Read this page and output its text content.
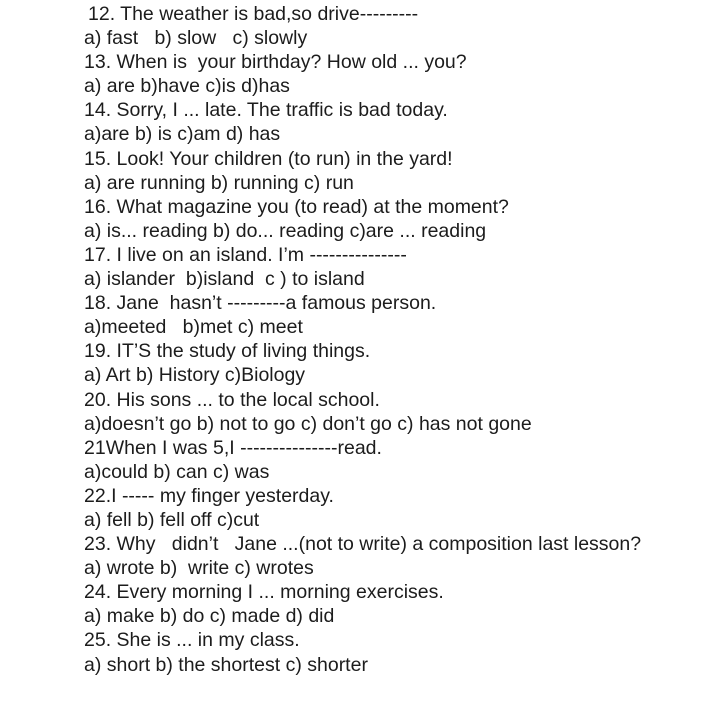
12. The weather is bad,so drive---------
a) fast   b) slow   c) slowly
13. When is  your birthday? How old ... you?
a) are b)have c)is d)has
14. Sorry, I ... late. The traffic is bad today.
a)are b) is c)am d) has
15. Look! Your children (to run) in the yard!
a) are running b) running c) run
16. What magazine you (to read) at the moment?
a) is... reading b) do... reading c)are ... reading
17. I live on an island. I’m ---------------
a) islander  b)island  c ) to island
18. Jane  hasn’t ---------a famous person.
a)meeted   b)met c) meet
19. IT’S the study of living things.
a) Art b) History c)Biology
20. His sons ... to the local school.
a)doesn’t go b) not to go c) don’t go c) has not gone
21When I was 5,I ---------------read.
a)could b) can c) was
22.I ----- my finger yesterday.
a) fell b) fell off c)cut
23. Why   didn’t   Jane ...(not to write) a composition last lesson?
a) wrote b)  write c) wrotes
24. Every morning I ... morning exercises.
a) make b) do c) made d) did
25. She is ... in my class.
a) short b) the shortest c) shorter
